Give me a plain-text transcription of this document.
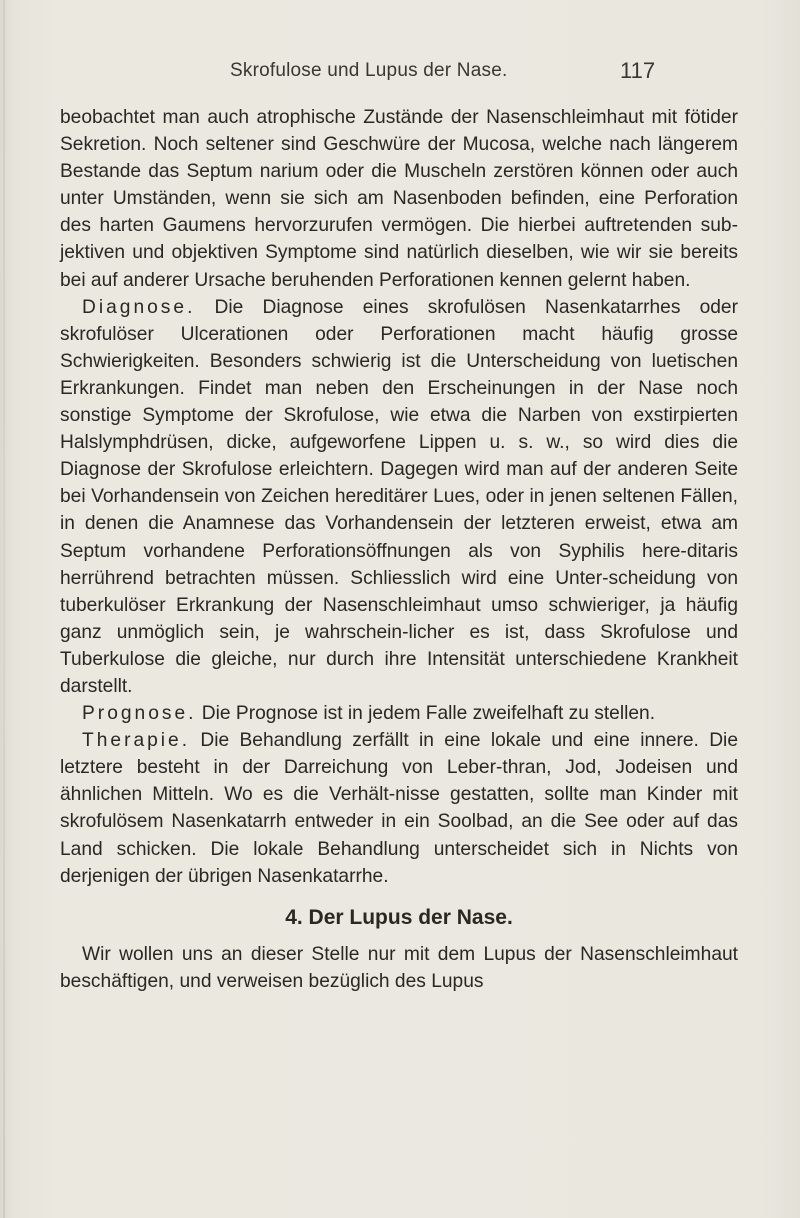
Skrofulose und Lupus der Nase.	117

beobachtet man auch atrophische Zustände der Nasenschleimhaut mit fötider Sekretion. Noch seltener sind Geschwüre der Mucosa, welche nach längerem Bestande das Septum narium oder die Muscheln zerstören können oder auch unter Umständen, wenn sie sich am Nasenboden befinden, eine Perforation des harten Gaumens hervorzurufen vermögen. Die hierbei auftretenden sub-jektiven und objektiven Symptome sind natürlich dieselben, wie wir sie bereits bei auf anderer Ursache beruhenden Perforationen kennen gelernt haben.

Diagnose. Die Diagnose eines skrofulösen Nasenkatarrhes oder skrofulöser Ulcerationen oder Perforationen macht häufig grosse Schwierigkeiten. Besonders schwierig ist die Unterscheidung von luetischen Erkrankungen. Findet man neben den Erscheinungen in der Nase noch sonstige Symptome der Skrofulose, wie etwa die Narben von exstirpierten Halslymphdrüsen, dicke, aufgeworfene Lippen u. s. w., so wird dies die Diagnose der Skrofulose erleichtern. Dagegen wird man auf der anderen Seite bei Vorhandensein von Zeichen hereditärer Lues, oder in jenen seltenen Fällen, in denen die Anamnese das Vorhandensein der letzteren erweist, etwa am Septum vorhandene Perforationsöffnungen als von Syphilis here-ditaris herrührend betrachten müssen. Schliesslich wird eine Unter-scheidung von tuberkulöser Erkrankung der Nasenschleimhaut umso schwieriger, ja häufig ganz unmöglich sein, je wahrschein-licher es ist, dass Skrofulose und Tuberkulose die gleiche, nur durch ihre Intensität unterschiedene Krankheit darstellt.

Prognose. Die Prognose ist in jedem Falle zweifelhaft zu stellen.

Therapie. Die Behandlung zerfällt in eine lokale und eine innere. Die letztere besteht in der Darreichung von Leber-thran, Jod, Jodeisen und ähnlichen Mitteln. Wo es die Verhält-nisse gestatten, sollte man Kinder mit skrofulösem Nasenkatarrh entweder in ein Soolbad, an die See oder auf das Land schicken. Die lokale Behandlung unterscheidet sich in Nichts von derjenigen der übrigen Nasenkatarrhe.

4. Der Lupus der Nase.

Wir wollen uns an dieser Stelle nur mit dem Lupus der Nasenschleimhaut beschäftigen, und verweisen bezüglich des Lupus
